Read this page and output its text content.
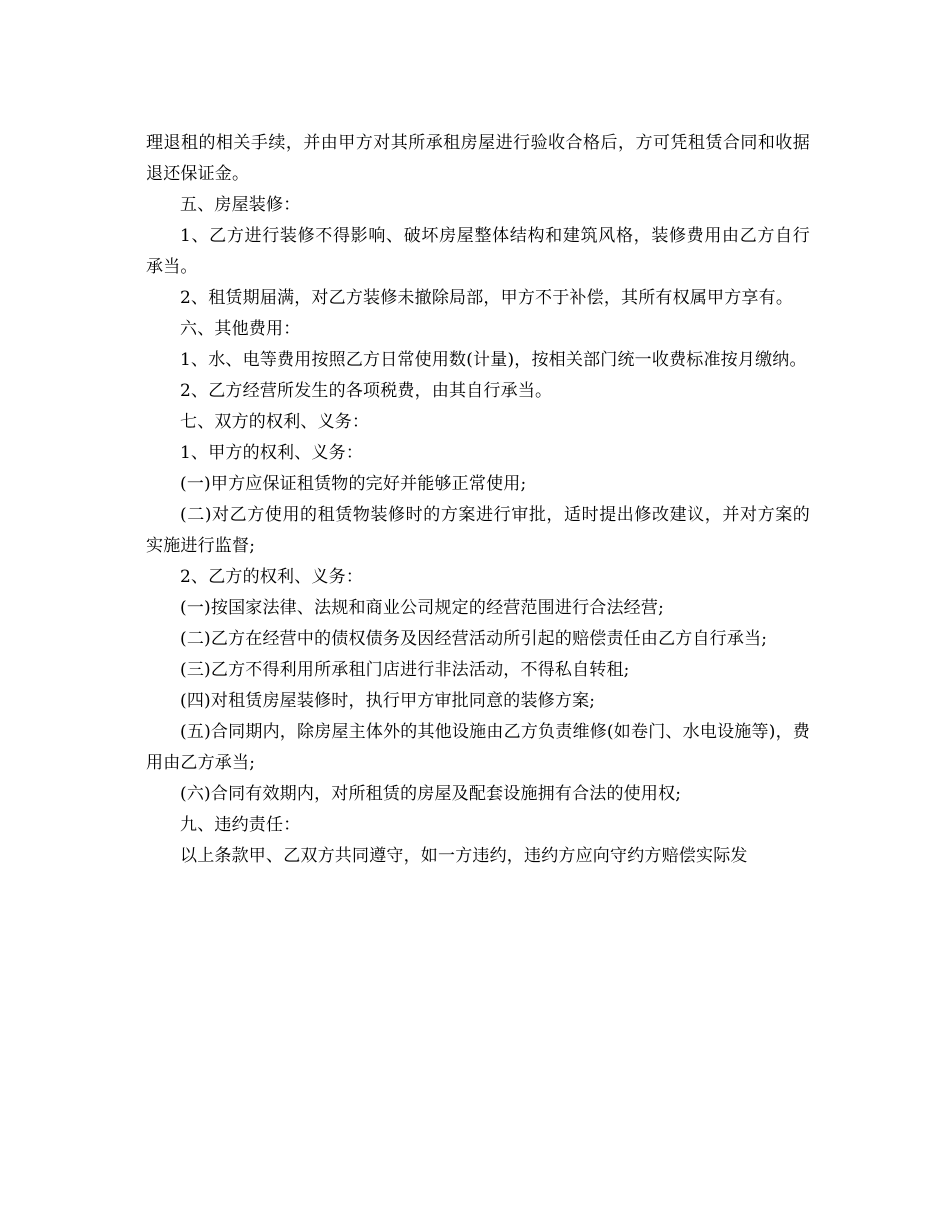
理退租的相关手续，并由甲方对其所承租房屋进行验收合格后，方可凭租赁合同和收据退还保证金。

五、房屋装修：

1、乙方进行装修不得影响、破坏房屋整体结构和建筑风格，装修费用由乙方自行承当。

2、租赁期届满，对乙方装修未撤除局部，甲方不于补偿，其所有权属甲方享有。

六、其他费用：

1、水、电等费用按照乙方日常使用数(计量)，按相关部门统一收费标准按月缴纳。

2、乙方经营所发生的各项税费，由其自行承当。

七、双方的权利、义务：

1、甲方的权利、义务：

(一)甲方应保证租赁物的完好并能够正常使用;

(二)对乙方使用的租赁物装修时的方案进行审批，适时提出修改建议，并对方案的实施进行监督;

2、乙方的权利、义务：

(一)按国家法律、法规和商业公司规定的经营范围进行合法经营;

(二)乙方在经营中的债权债务及因经营活动所引起的赔偿责任由乙方自行承当;

(三)乙方不得利用所承租门店进行非法活动，不得私自转租;

(四)对租赁房屋装修时，执行甲方审批同意的装修方案;

(五)合同期内，除房屋主体外的其他设施由乙方负责维修(如卷门、水电设施等)，费用由乙方承当;

(六)合同有效期内，对所租赁的房屋及配套设施拥有合法的使用权;

九、违约责任：

以上条款甲、乙双方共同遵守，如一方违约，违约方应向守约方赔偿实际发
